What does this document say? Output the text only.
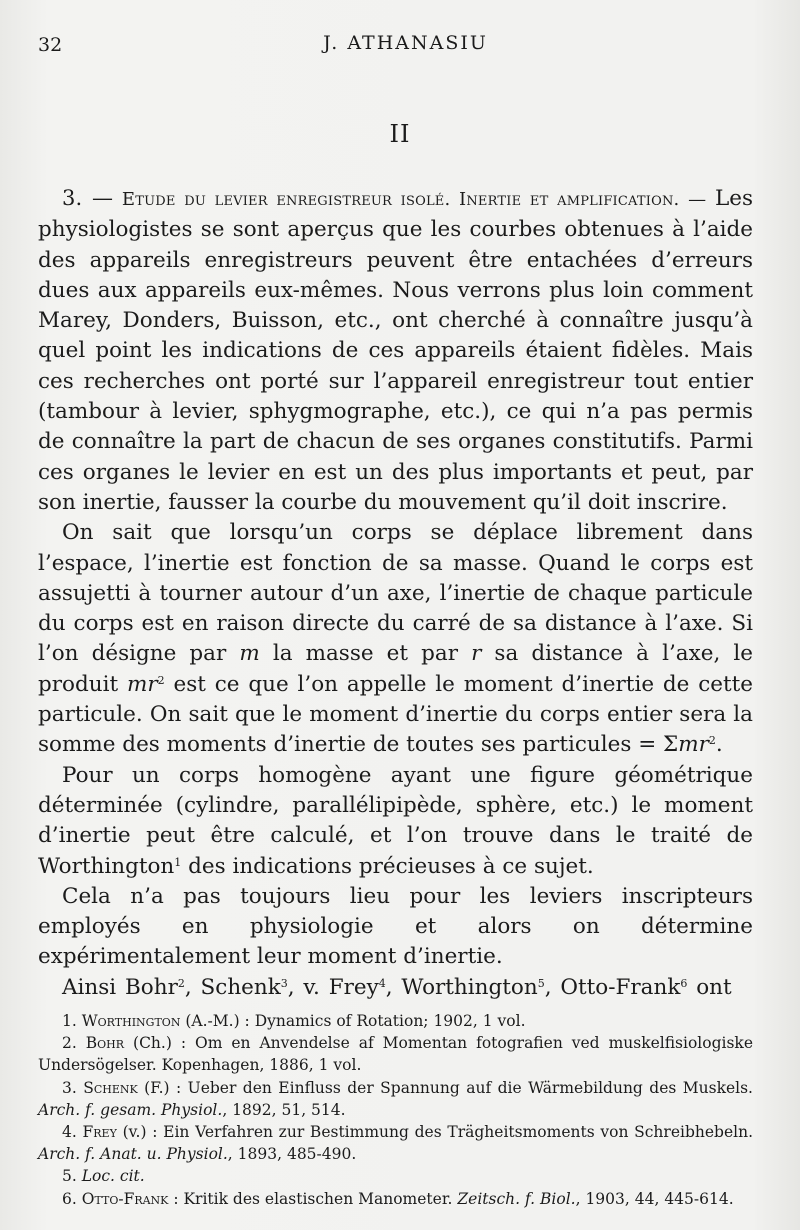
32	J. ATHANASIU
II

3. — Etude du levier enregistreur isolé. Inertie et amplification. — Les physiologistes se sont aperçus que les courbes obtenues à l’aide des appareils enregistreurs peuvent être entachées d’erreurs dues aux appareils eux-mêmes. Nous verrons plus loin comment Marey, Donders, Buisson, etc., ont cherché à connaître jusqu’à quel point les indications de ces appareils étaient fidèles. Mais ces recherches ont porté sur l’appareil enregistreur tout entier (tambour à levier, sphygmographe, etc.), ce qui n’a pas permis de connaître la part de chacun de ses organes constitutifs. Parmi ces organes le levier en est un des plus importants et peut, par son inertie, fausser la courbe du mouvement qu’il doit inscrire.

On sait que lorsqu’un corps se déplace librement dans l’espace, l’inertie est fonction de sa masse. Quand le corps est assujetti à tourner autour d’un axe, l’inertie de chaque particule du corps est en raison directe du carré de sa distance à l’axe. Si l’on désigne par m la masse et par r sa distance à l’axe, le produit $mr^2$ est ce que l’on appelle le moment d’inertie de cette particule. On sait que le moment d’inertie du corps entier sera la somme des moments d’inertie de toutes ses particules = Σmr$^2$.

Pour un corps homogène ayant une figure géométrique déterminée (cylindre, parallélipipède, sphère, etc.) le moment d’inertie peut être calculé, et l’on trouve dans le traité de Worthington$^1$ des indications précieuses à ce sujet.

Cela n’a pas toujours lieu pour les leviers inscripteurs employés en physiologie et alors on détermine expérimentalement leur moment d’inertie.

Ainsi Bohr$^2$, Schenk$^3$, v. Frey$^4$, Worthington$^5$, Otto-Frank$^6$ ont

1. Worthington (A.-M.) : Dynamics of Rotation; 1902, 1 vol.

2. Bohr (Ch.) : Om en Anvendelse af Momentan fotografien ved muskelfisiologiske Undersögelser. Kopenhagen, 1886, 1 vol.

3. Schenk (F.) : Ueber den Einfluss der Spannung auf die Wärmebildung des Muskels. Arch. f. gesam. Physiol., 1892, 51, 514.

4. Frey (v.) : Ein Verfahren zur Bestimmung des Trägheitsmoments von Schreibhebeln. Arch. f. Anat. u. Physiol., 1893, 485-490.

5. Loc. cit.

6. Otto-Frank : Kritik des elastischen Manometer. Zeitsch. f. Biol., 1903, 44, 445-614.
